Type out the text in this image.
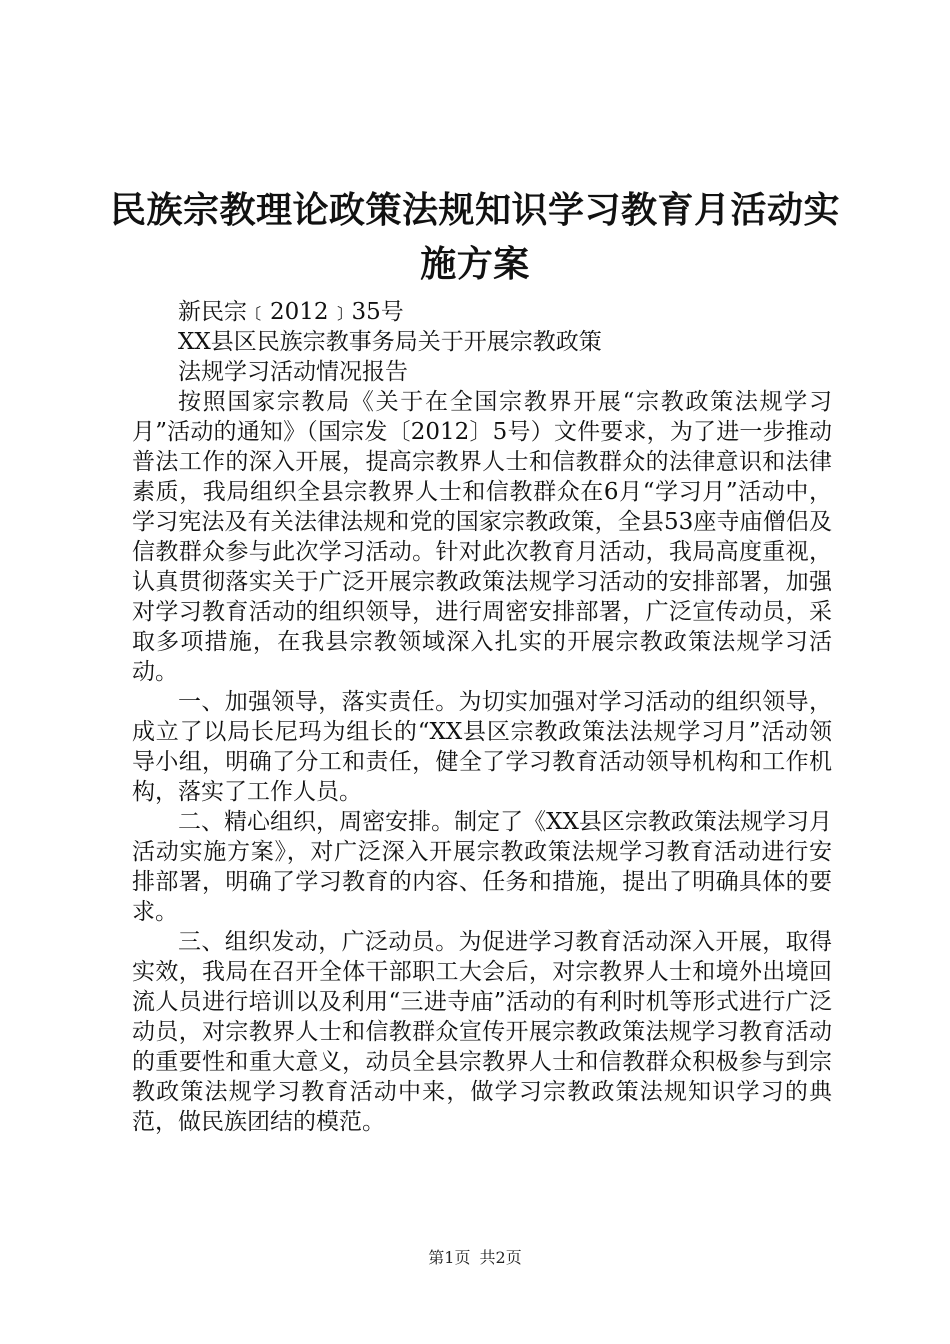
民族宗教理论政策法规知识学习教育月活动实
施方案

新民宗﹝2012﹞35号

XX县区民族宗教事务局关于开展宗教政策

法规学习活动情况报告

按照国家宗教局《关于在全国宗教界开展“宗教政策法规学习月”活动的通知》（国宗发〔2012〕5号）文件要求，为了进一步推动普法工作的深入开展，提高宗教界人士和信教群众的法律意识和法律素质，我局组织全县宗教界人士和信教群众在6月“学习月”活动中，学习宪法及有关法律法规和党的国家宗教政策，全县53座寺庙僧侣及信教群众参与此次学习活动。针对此次教育月活动，我局高度重视，认真贯彻落实关于广泛开展宗教政策法规学习活动的安排部署，加强对学习教育活动的组织领导，进行周密安排部署，广泛宣传动员，采取多项措施，在我县宗教领域深入扎实的开展宗教政策法规学习活动。

一、加强领导，落实责任。为切实加强对学习活动的组织领导，成立了以局长尼玛为组长的“XX县区宗教政策法法规学习月”活动领导小组，明确了分工和责任，健全了学习教育活动领导机构和工作机构，落实了工作人员。

二、精心组织，周密安排。制定了《XX县区宗教政策法规学习月活动实施方案》，对广泛深入开展宗教政策法规学习教育活动进行安排部署，明确了学习教育的内容、任务和措施，提出了明确具体的要求。

三、组织发动，广泛动员。为促进学习教育活动深入开展，取得实效，我局在召开全体干部职工大会后，对宗教界人士和境外出境回流人员进行培训以及利用“三进寺庙”活动的有利时机等形式进行广泛动员，对宗教界人士和信教群众宣传开展宗教政策法规学习教育活动的重要性和重大意义，动员全县宗教界人士和信教群众积极参与到宗教政策法规学习教育活动中来，做学习宗教政策法规知识学习的典范，做民族团结的模范。

第1页 共2页
